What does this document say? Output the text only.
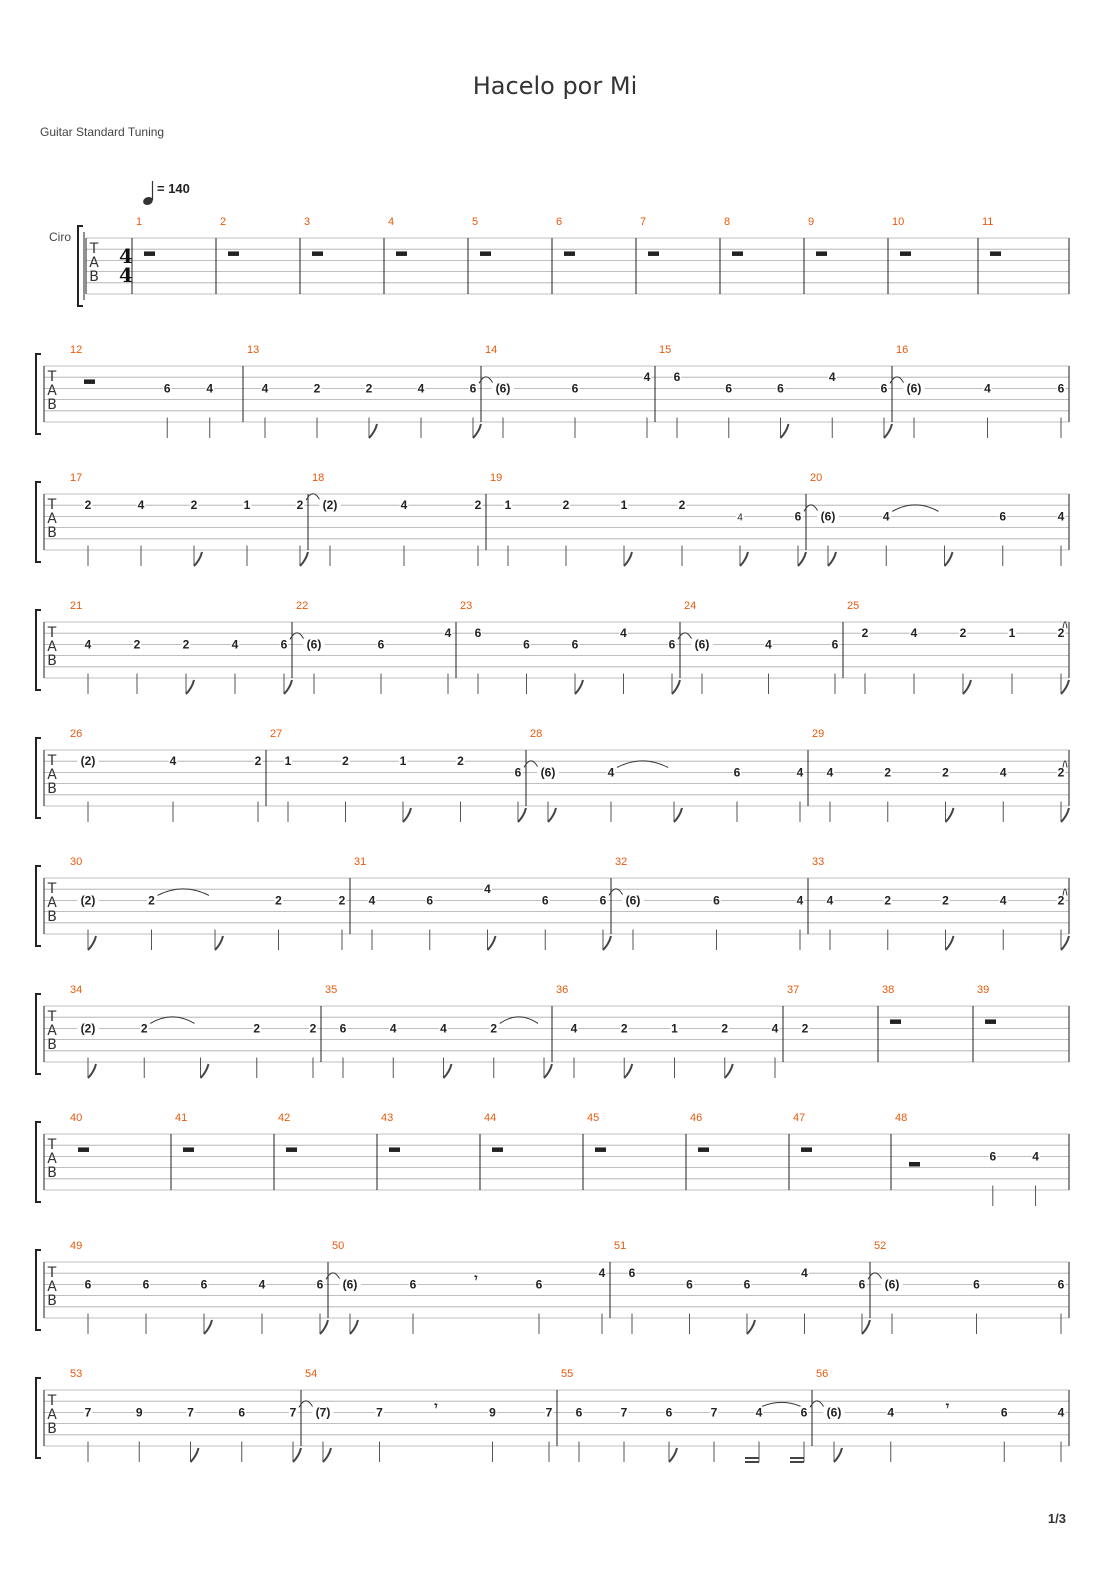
Hacelo por Mi
Guitar Standard Tuning
= 140
Ciro
T
A
B
4
4
1	2	3	4	5	6	7	8	9	10	11
T
A
B
12
6	4
13
4	2	2	4	6
14
(6)	6
4
15
6
6	6
4
6
16
(6)	4	6
T
A
B
17
2	4	2	1	2
18
(2)	4	2
19
1	2	1	2
4	6
20
(6)	4	6	4
T
A
B
21
4	2	2	4	6
22
(6)	6
4
23
6
6	6
4
6
24
(6)	4	6
25
2	4	2	1	2
T
A
B
26
(2)	4	2
27
1	2	1	2
6
28
(6)	4	6	4
29
4	2	2	4	2
T
A
B
30
(2)	2	2	2
31
4	6
4
6	6
32
(6)	6	4
33
4	2	2	4	2
T
A
B
34
(2)	2	2	2
35
6	4	4	2
36
4	2	1	2	4
37
2
38	39
T
A
B
40	41	42	43	44	45	46	47	48
6	4
T
A
B
49
6	6	6	4	6
50
(6)	6	𝄾	6
4
51
6
6	6
4
6
52
(6)	6	6
T
A
B
53
7	9	7	6	7
54
(7)	7	𝄾	9	7
55
6	7	6	7	4	6
56
(6)	4	𝄾	6	4
1/3
